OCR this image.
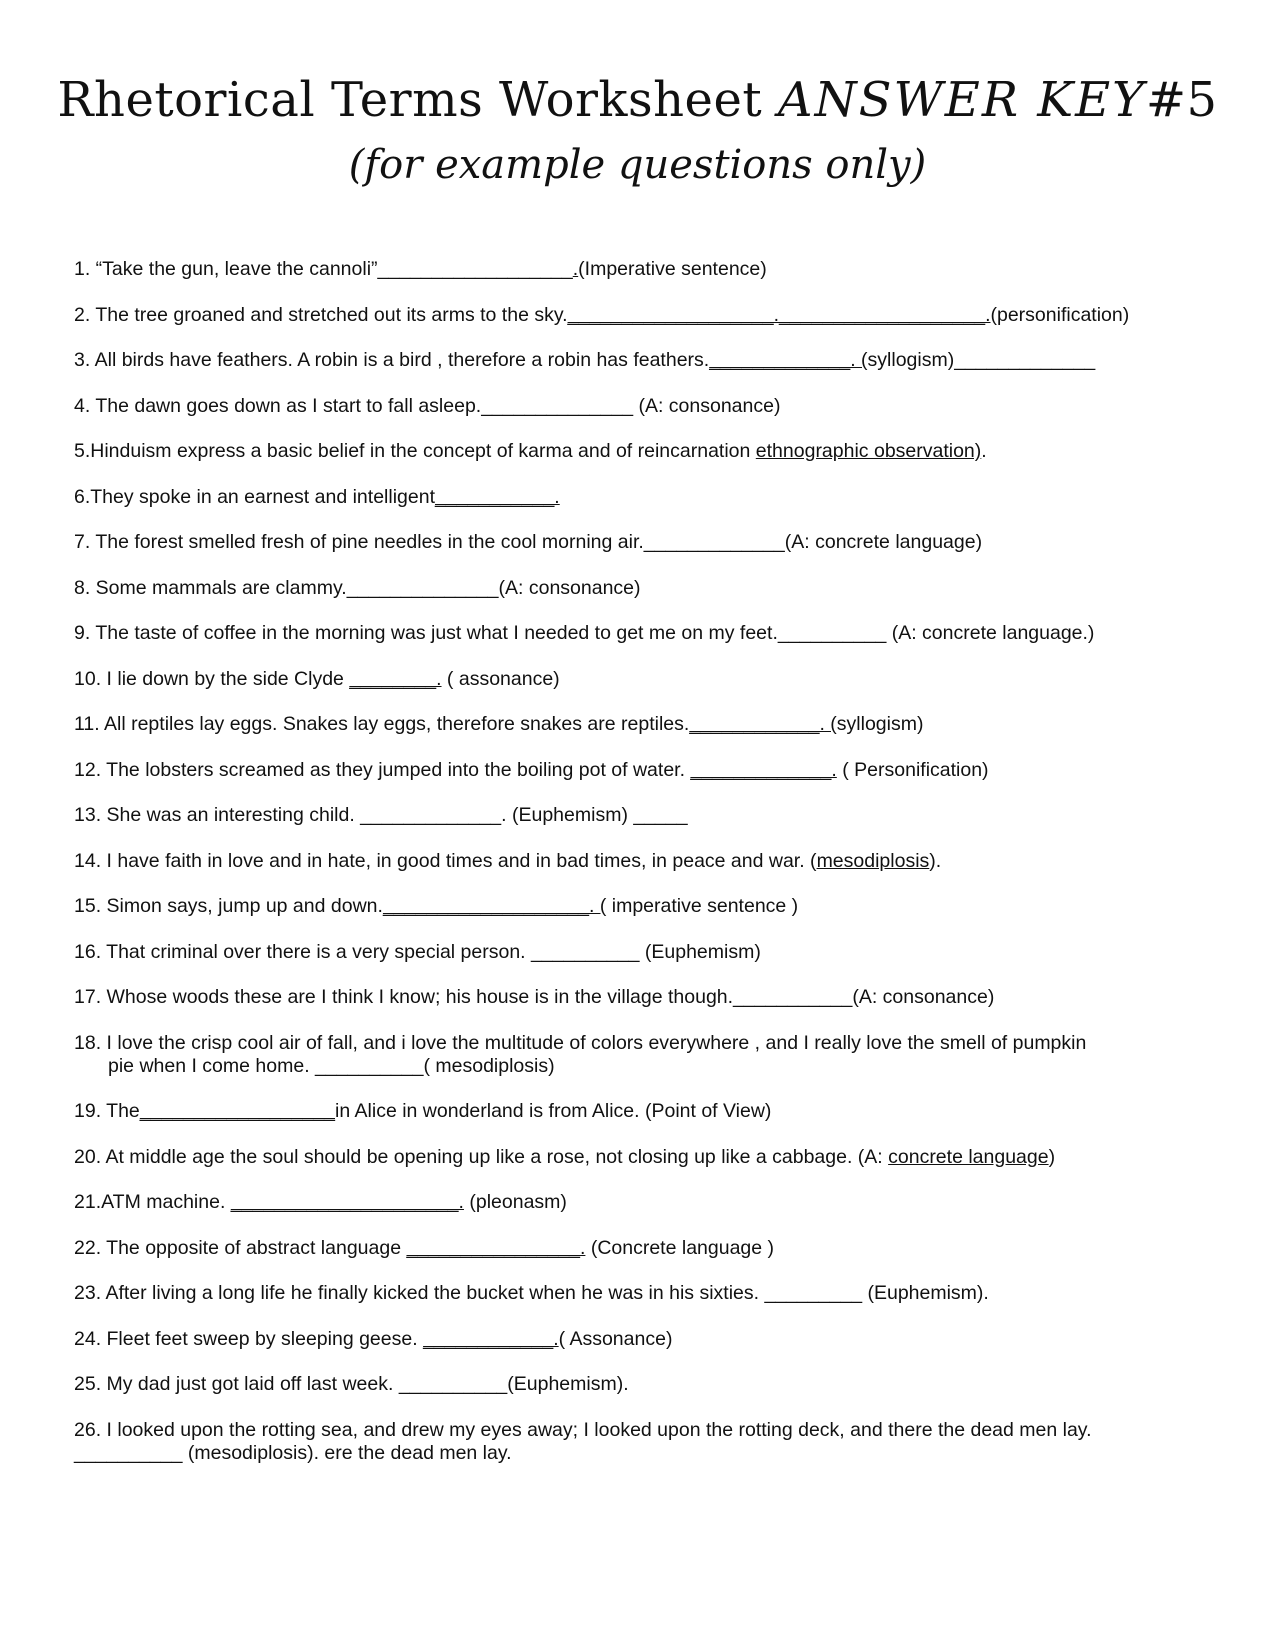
Rhetorical Terms Worksheet ANSWER KEY#5
(for example questions only)
1. “Take the gun, leave the cannoli”__________________.(Imperative sentence)
2. The tree groaned and stretched out its arms to the sky.___________________.___________________.(personification)
3. All birds have feathers. A robin is a bird , therefore a robin has feathers._____________. (syllogism)_____________
4. The dawn goes down as I start to fall asleep.______________ (A: consonance)
5.Hinduism express a basic belief in the concept of karma and of reincarnation ethnographic observation).
6.They spoke in an earnest and intelligent___________.
7. The forest smelled fresh of pine needles in the cool morning air._____________(A: concrete language)
8. Some mammals are clammy.______________(A: consonance)
9. The taste of coffee in the morning was just what I needed to get me on my feet.__________ (A: concrete language.)
10. I lie down by the side Clyde ________. ( assonance)
11. All reptiles lay eggs. Snakes lay eggs, therefore snakes are reptiles.____________. (syllogism)
12. The lobsters screamed as they jumped into the boiling pot of water. _____________. ( Personification)
13. She was an interesting child. _____________. (Euphemism) _____
14. I have faith in love and in hate, in good times and in bad times, in peace and war. (mesodiplosis).
15. Simon says, jump up and down.___________________. ( imperative sentence )
16. That criminal over there is a very special person. __________ (Euphemism)
17. Whose woods these are I think I know; his house is in the village though.___________(A: consonance)
18. I love the crisp cool air of fall, and i love the multitude of colors everywhere , and I really love the smell of pumpkin
pie when I come home. __________( mesodiplosis)
19. The__________________in Alice in wonderland is from Alice. (Point of View)
20. At middle age the soul should be opening up like a rose, not closing up like a cabbage. (A: concrete language)
21.ATM machine. _____________________. (pleonasm)
22. The opposite of abstract language ________________. (Concrete language )
23. After living a long life he finally kicked the bucket when he was in his sixties. _________ (Euphemism).
24. Fleet feet sweep by sleeping geese. ____________.( Assonance)
25. My dad just got laid off last week. __________(Euphemism).
26. I looked upon the rotting sea, and drew my eyes away; I looked upon the rotting deck, and there the dead men lay.
__________ (mesodiplosis). ere the dead men lay.
